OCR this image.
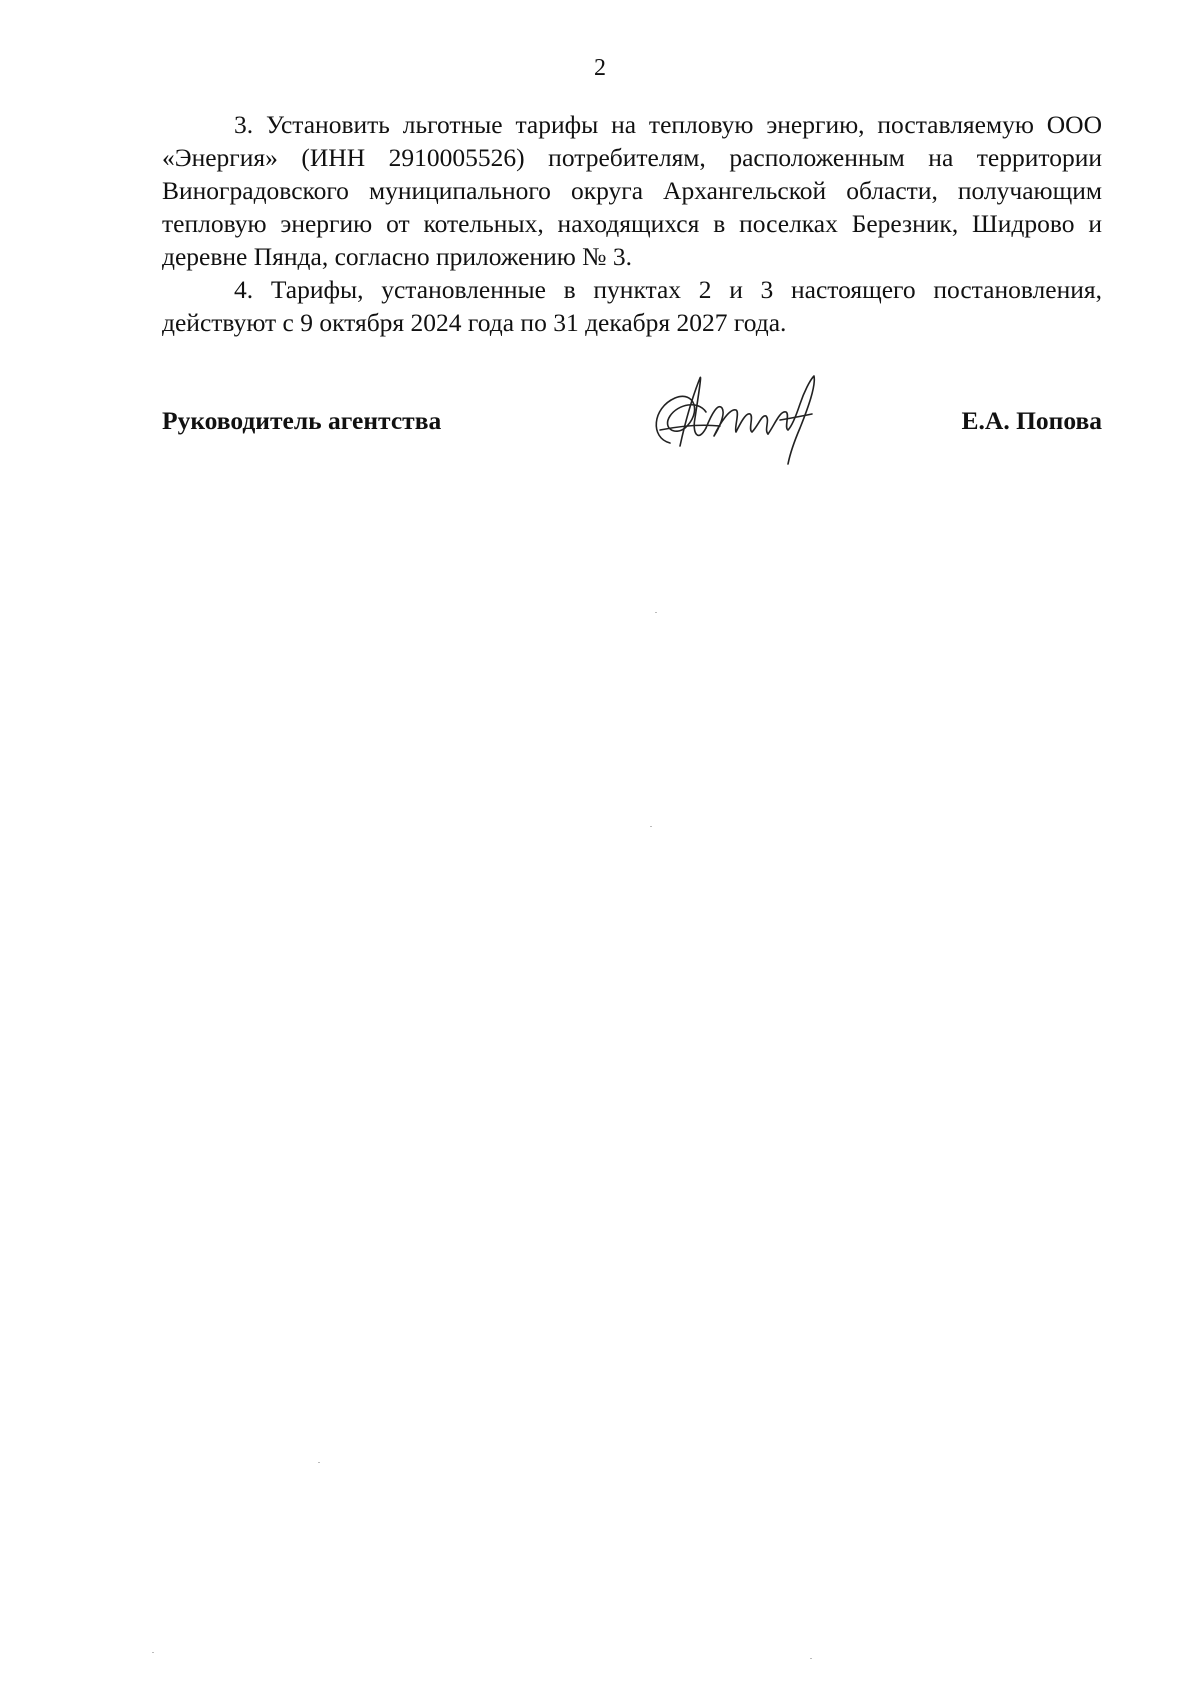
2

3. Установить льготные тарифы на тепловую энергию, поставляемую ООО «Энергия» (ИНН 2910005526) потребителям, расположенным на территории Виноградовского муниципального округа Архангельской области, получающим тепловую энергию от котельных, находящихся в поселках Березник, Шидрово и деревне Пянда, согласно приложению № 3.

4. Тарифы, установленные в пунктах 2 и 3 настоящего постановления, действуют с 9 октября 2024 года по 31 декабря 2027 года.

Руководитель агентства	Е.А. Попова
